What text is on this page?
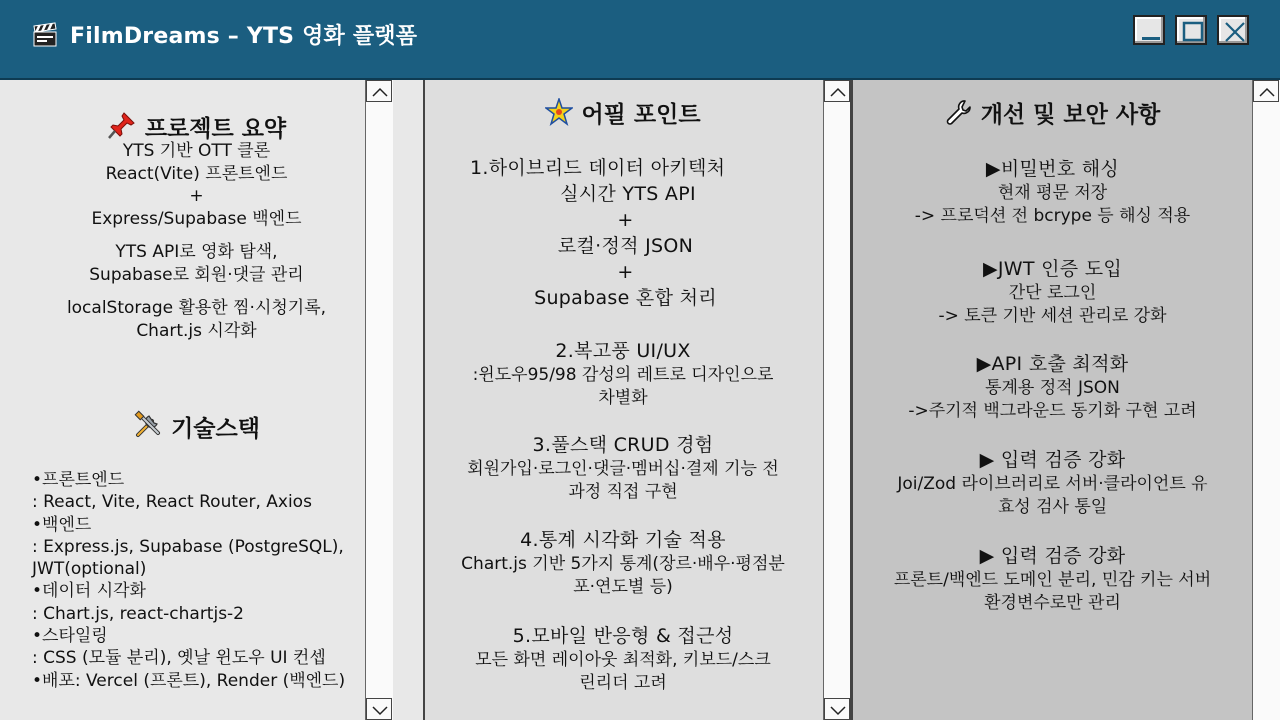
FilmDreams – YTS 영화 플랫폼
프로젝트 요약
YTS 기반 OTT 클론
React(Vite) 프론트엔드
+
Express/Supabase 백엔드
YTS API로 영화 탐색,
Supabase로 회원·댓글 관리
localStorage 활용한 찜·시청기록,
Chart.js 시각화
기술스택
•프론트엔드
: React, Vite, React Router, Axios
•백엔드
: Express.js, Supabase (PostgreSQL),
JWT(optional)
•데이터 시각화
: Chart.js, react-chartjs-2
•스타일링
: CSS (모듈 분리), 옛날 윈도우 UI 컨셉
•배포: Vercel (프론트), Render (백엔드)
어필 포인트
1.하이브리드 데이터 아키텍처
실시간 YTS API
+
로컬·정적 JSON
+
Supabase 혼합 처리
2.복고풍 UI/UX
:윈도우95/98 감성의 레트로 디자인으로
차별화
3.풀스택 CRUD 경험
회원가입·로그인·댓글·멤버십·결제 기능 전
과정 직접 구현
4.통계 시각화 기술 적용
Chart.js 기반 5가지 통계(장르·배우·평점분
포·연도별 등)
5.모바일 반응형 & 접근성
모든 화면 레이아웃 최적화, 키보드/스크
린리더 고려
개선 및 보안 사항
▶비밀번호 해싱
현재 평문 저장
-> 프로덕션 전 bcrype 등 해싱 적용
▶JWT 인증 도입
간단 로그인
-> 토큰 기반 세션 관리로 강화
▶API 호출 최적화
통계용 정적 JSON
->주기적 백그라운드 동기화 구현 고려
▶ 입력 검증 강화
Joi/Zod 라이브러리로 서버·클라이언트 유
효성 검사 통일
▶ 입력 검증 강화
프론트/백엔드 도메인 분리, 민감 키는 서버
환경변수로만 관리
